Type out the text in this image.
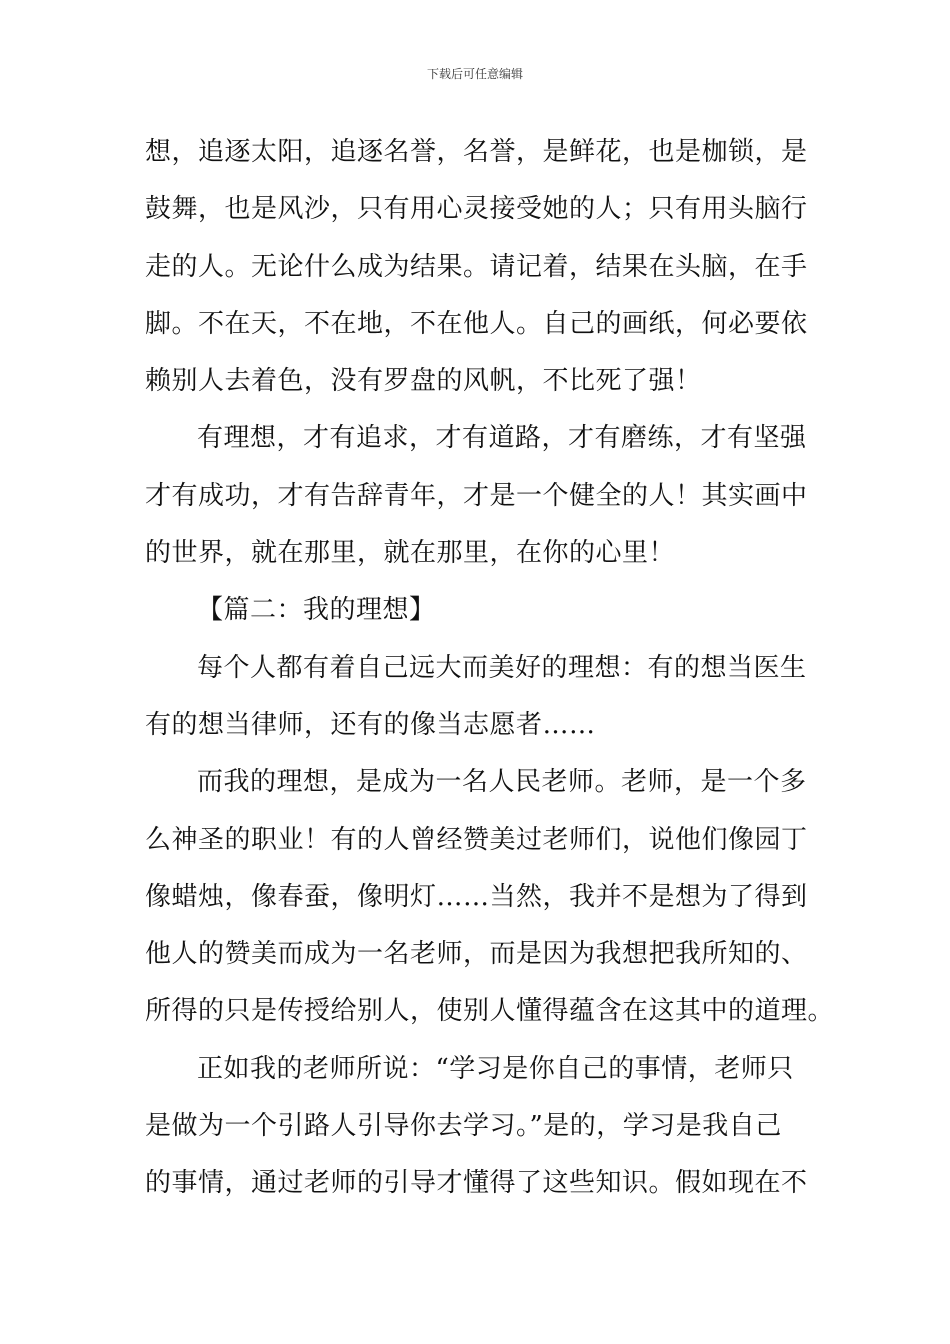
下载后可任意编辑
想，追逐太阳，追逐名誉，名誉，是鲜花，也是枷锁，是
鼓舞，也是风沙，只有用心灵接受她的人；只有用头脑行
走的人。无论什么成为结果。请记着，结果在头脑，在手
脚。不在天，不在地，不在他人。自己的画纸，何必要依
赖别人去着色，没有罗盘的风帆，不比死了强！
有理想，才有追求，才有道路，才有磨练，才有坚强
才有成功，才有告辞青年，才是一个健全的人！其实画中
的世界，就在那里，就在那里，在你的心里！
【篇二：我的理想】
每个人都有着自己远大而美好的理想：有的想当医生
有的想当律师，还有的像当志愿者……
而我的理想，是成为一名人民老师。老师，是一个多
么神圣的职业！有的人曾经赞美过老师们，说他们像园丁
像蜡烛，像春蚕，像明灯……当然，我并不是想为了得到
他人的赞美而成为一名老师，而是因为我想把我所知的、
所得的只是传授给别人，使别人懂得蕴含在这其中的道理。
正如我的老师所说：“学习是你自己的事情，老师只
是做为一个引路人引导你去学习。”是的，学习是我自己
的事情，通过老师的引导才懂得了这些知识。假如现在不
